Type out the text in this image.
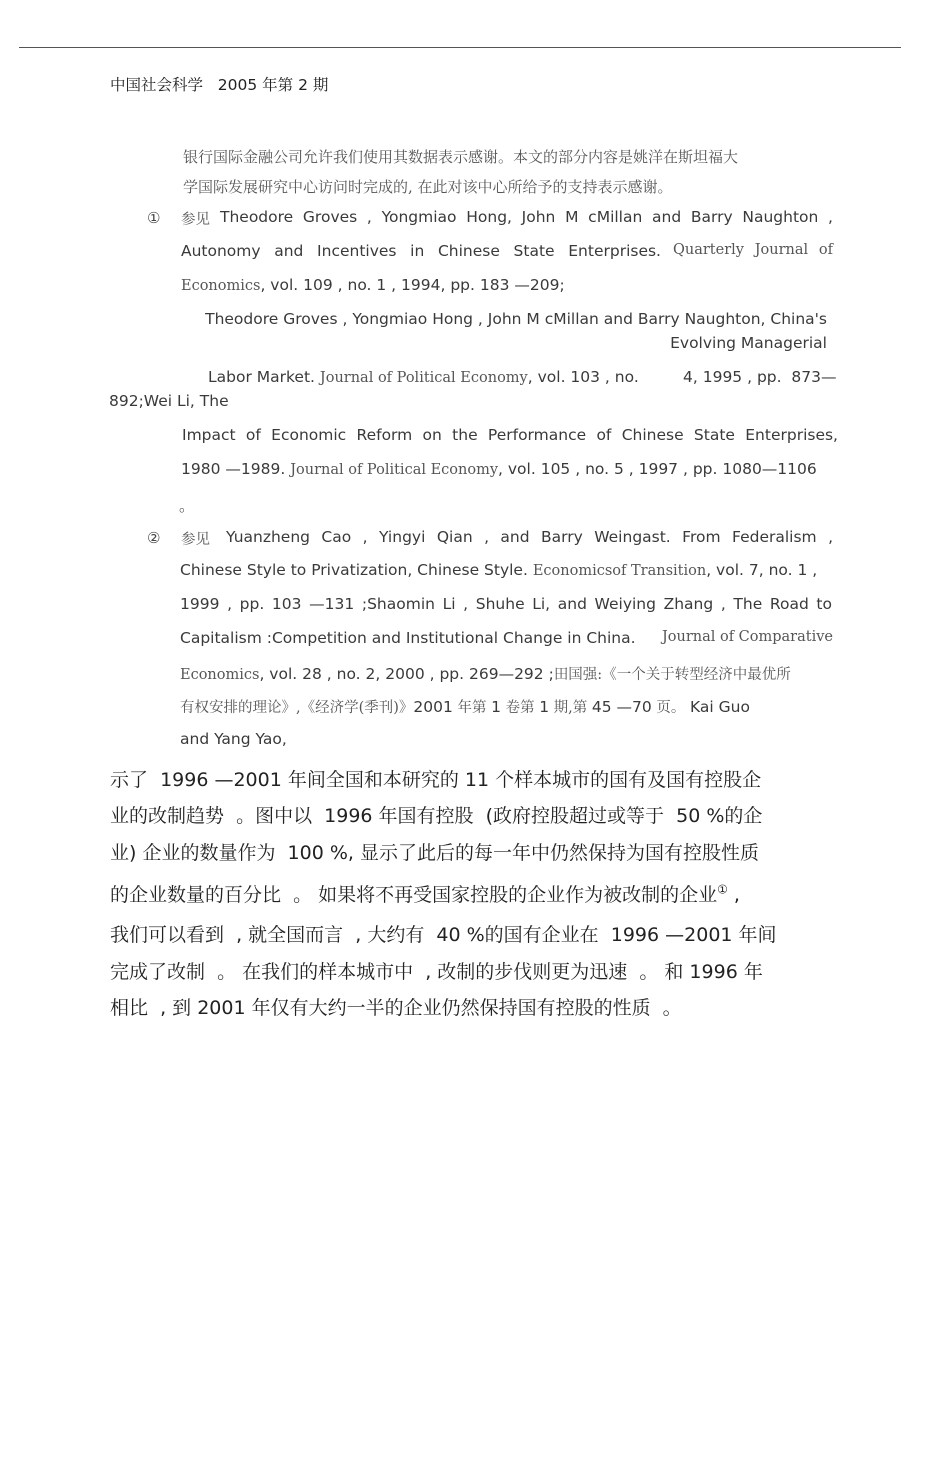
中国社会科学 2005 年第 2 期
银行国际金融公司允许我们使用其数据表示感谢。本文的部分内容是姚洋在斯坦福大
学国际发展研究中心访问时完成的, 在此对该中心所给予的支持表示感谢。
① 参见 Theodore Groves , Yongmiao Hong, John M cMillan and Barry Naughton ,
Autonomy and Incentives in Chinese State Enterprises. Quarterly Journal of
Economics, vol. 109 , no. 1 , 1994, pp. 183 —209;
Theodore Groves , Yongmiao Hong , John M cMillan and Barry Naughton, China's
Evolving Managerial
Labor Market. Journal of Political Economy, vol. 103 , no.	4, 1995 , pp.  873—
892;Wei Li, The
Impact of Economic Reform on the Performance of Chinese State Enterprises,
1980 —1989. Journal of Political Economy, vol. 105 , no. 5 , 1997 , pp. 1080—1106
。
② 参见	Yuanzheng Cao , Yingyi Qian , and Barry Weingast. From Federalism ,
Chinese Style to Privatization, Chinese Style. Economicsof Transition, vol. 7, no. 1 ,
1999 , pp. 103 —131 ;Shaomin Li , Shuhe Li, and Weiying Zhang , The Road to
Capitalism :Competition and Institutional Change in China.	Journal of Comparative
Economics, vol. 28 , no. 2, 2000 , pp. 269—292 ;田国强:《一个关于转型经济中最优所
有权安排的理论》,《经济学(季刊)》2001 年第 1 卷第 1 期,第 45 —70 页。 Kai Guo
and Yang Yao,
示了  1996 —2001 年间全国和本研究的 11 个样本城市的国有及国有控股企
业的改制趋势  。图中以  1996 年国有控股  (政府控股超过或等于  50 %的企
业) 企业的数量作为  100 %, 显示了此后的每一年中仍然保持为国有控股性质
的企业数量的百分比  。 如果将不再受国家控股的企业作为被改制的企业① ,
我们可以看到  , 就全国而言  , 大约有  40 %的国有企业在  1996 —2001 年间
完成了改制  。 在我们的样本城市中  , 改制的步伐则更为迅速  。 和 1996 年
相比  , 到 2001 年仅有大约一半的企业仍然保持国有控股的性质  。
